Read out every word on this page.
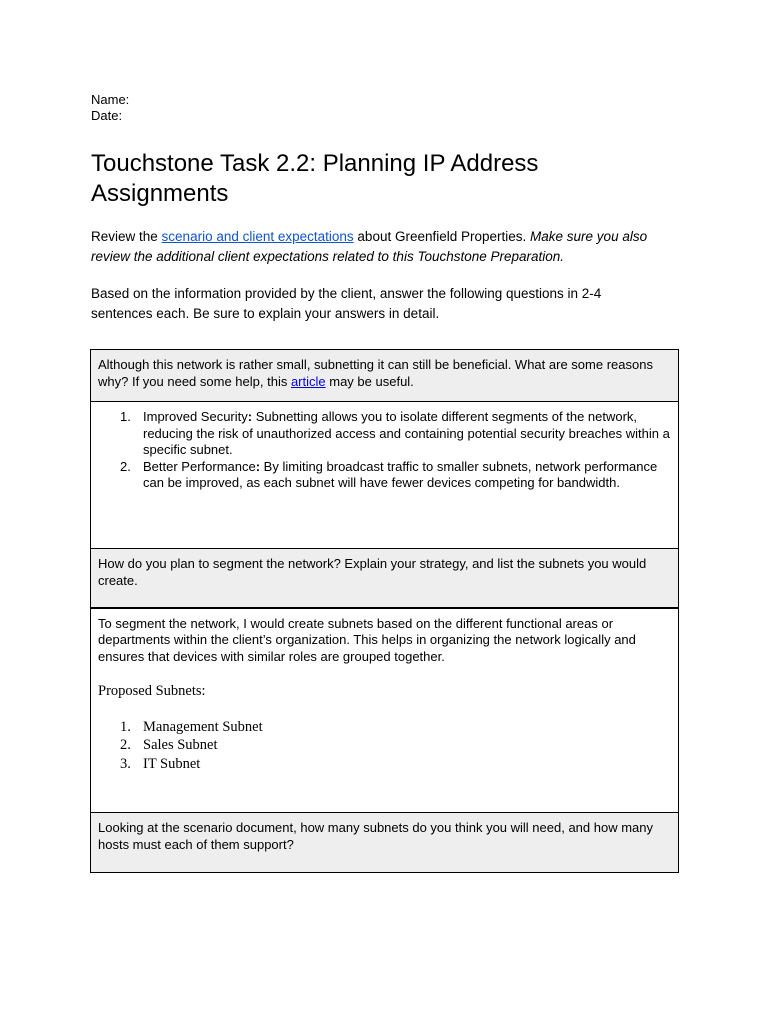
Name:
Date:
Touchstone Task 2.2: Planning IP Address Assignments
Review the scenario and client expectations about Greenfield Properties. Make sure you also review the additional client expectations related to this Touchstone Preparation.
Based on the information provided by the client, answer the following questions in 2-4 sentences each. Be sure to explain your answers in detail.
Although this network is rather small, subnetting it can still be beneficial. What are some reasons why? If you need some help, this article may be useful.

1. Improved Security: Subnetting allows you to isolate different segments of the network, reducing the risk of unauthorized access and containing potential security breaches within a specific subnet.
2. Better Performance: By limiting broadcast traffic to smaller subnets, network performance can be improved, as each subnet will have fewer devices competing for bandwidth.

How do you plan to segment the network? Explain your strategy, and list the subnets you would create.

To segment the network, I would create subnets based on the different functional areas or departments within the client’s organization. This helps in organizing the network logically and ensures that devices with similar roles are grouped together.
Proposed Subnets:
1. Management Subnet
2. Sales Subnet
3. IT Subnet

Looking at the scenario document, how many subnets do you think you will need, and how many hosts must each of them support?
